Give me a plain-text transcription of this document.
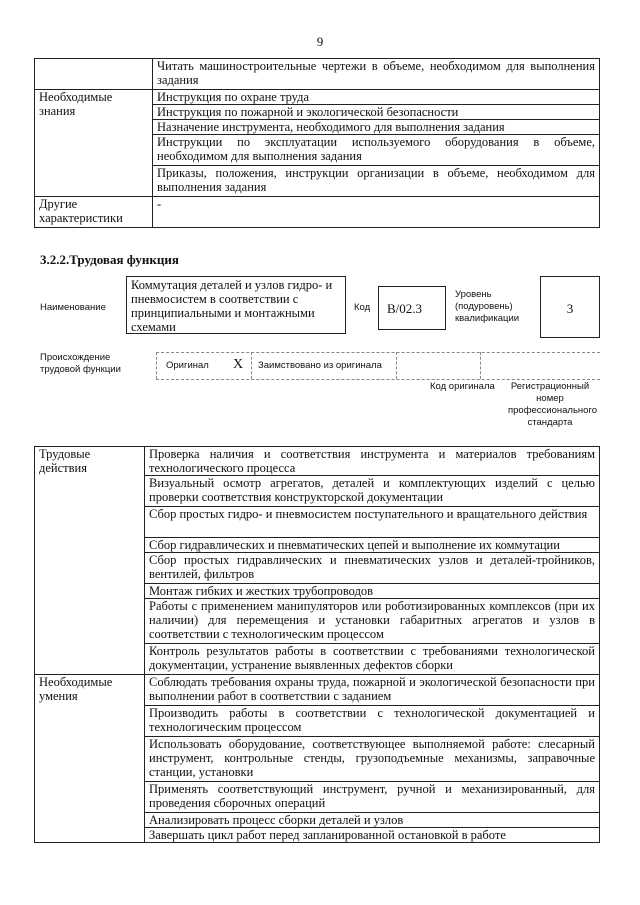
9
	Читать машиностроительные чертежи в объеме, необходимом для выполнения задания
Необходимые знания	Инструкция по охране труда
	Инструкция по пожарной и экологической безопасности
	Назначение инструмента, необходимого для выполнения задания
	Инструкции по эксплуатации используемого оборудования в объеме, необходимом для выполнения задания
	Приказы, положения, инструкции организации в объеме, необходимом для выполнения задания
Другие характеристики	-
3.2.2.Трудовая функция
Наименование
Коммутация деталей и узлов гидро- и пневмосистем в соответствии с принципиальными и монтажными схемами
Код	B/02.3
Уровень (подуровень) квалификации
3
Происхождение трудовой функции	Оригинал X Заимствовано из оригинала
Код оригинала Регистрационный номер профессионального стандарта
Трудовые действия	Проверка наличия и соответствия инструмента и материалов требованиям технологического процесса
	Визуальный осмотр агрегатов, деталей и комплектующих изделий с целью проверки соответствия конструкторской документации
	Сбор простых гидро- и пневмосистем поступательного и вращательного действия
	Сбор гидравлических и пневматических цепей и выполнение их коммутации
	Сбор простых гидравлических и пневматических узлов и деталей-тройников, вентилей, фильтров
	Монтаж гибких и жестких трубопроводов
	Работы с применением манипуляторов или роботизированных комплексов (при их наличии) для перемещения и установки габаритных агрегатов и узлов в соответствии с технологическим процессом
	Контроль результатов работы в соответствии с требованиями технологической документации, устранение выявленных дефектов сборки
Необходимые умения	Соблюдать требования охраны труда, пожарной и экологической безопасности при выполнении работ в соответствии с заданием
	Производить работы в соответствии с технологической документацией и технологическим процессом
	Использовать оборудование, соответствующее выполняемой работе: слесарный инструмент, контрольные стенды, грузоподъемные механизмы, заправочные станции, установки
	Применять соответствующий инструмент, ручной и механизированный, для проведения сборочных операций
	Анализировать процесс сборки деталей и узлов
	Завершать цикл работ перед запланированной остановкой в работе
